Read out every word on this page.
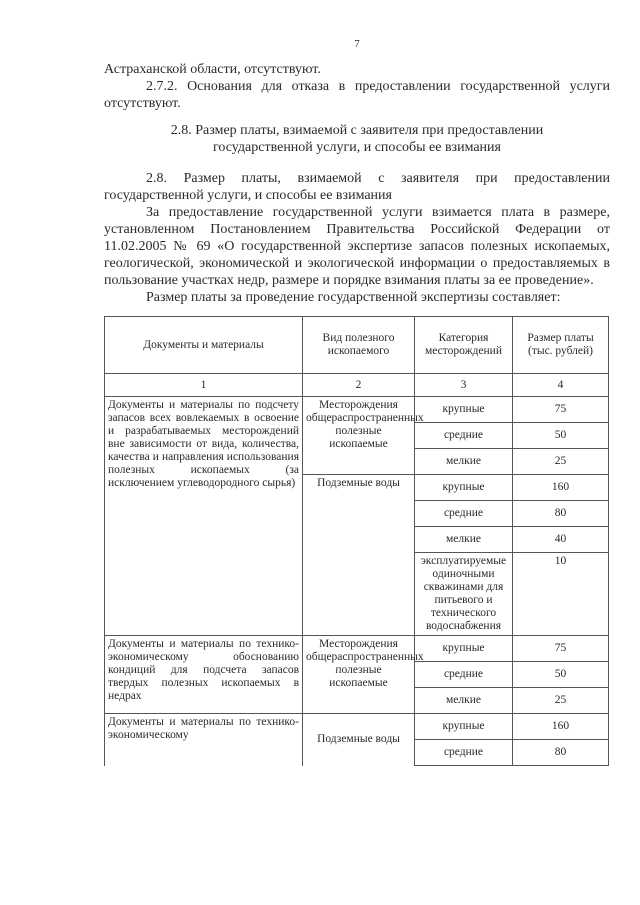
7

Астраханской области, отсутствуют.

2.7.2. Основания для отказа в предоставлении государственной услуги отсутствуют.

2.8. Размер платы, взимаемой с заявителя при предоставлении
государственной услуги, и способы ее взимания

2.8. Размер платы, взимаемой с заявителя при предоставлении государственной услуги, и способы ее взимания

За предоставление государственной услуги взимается плата в размере, установленном Постановлением Правительства Российской Федерации от 11.02.2005 № 69 «О государственной экспертизе запасов полезных ископаемых, геологической, экономической и экологической информации о предоставляемых в пользование участках недр, размере и порядке взимания платы за ее проведение».

Размер платы за проведение государственной экспертизы составляет:

Документы и материалы	Вид полезного ископаемого	Категория месторождений	Размер платы (тыс. рублей)
1	2	3	4
Документы и материалы по подсчету запасов всех вовлекаемых в освоение и разрабатываемых месторождений вне зависимости от вида, количества, качества и направления использования полезных ископаемых (за исключением углеводородного сырья)	Месторождения общераспространенных полезные ископаемые	крупные	75
		средние	50
		мелкие	25
	Подземные воды	крупные	160
		средние	80
		мелкие	40
		эксплуатируемые одиночными скважинами для питьевого и технического водоснабжения	10
Документы и материалы по технико-экономическому обоснованию кондиций для подсчета запасов твердых полезных ископаемых в недрах	Месторождения общераспространенных полезные ископаемые	крупные	75
		средние	50
		мелкие	25
Документы и материалы по технико-экономическому	Подземные воды	крупные	160
		средние	80
